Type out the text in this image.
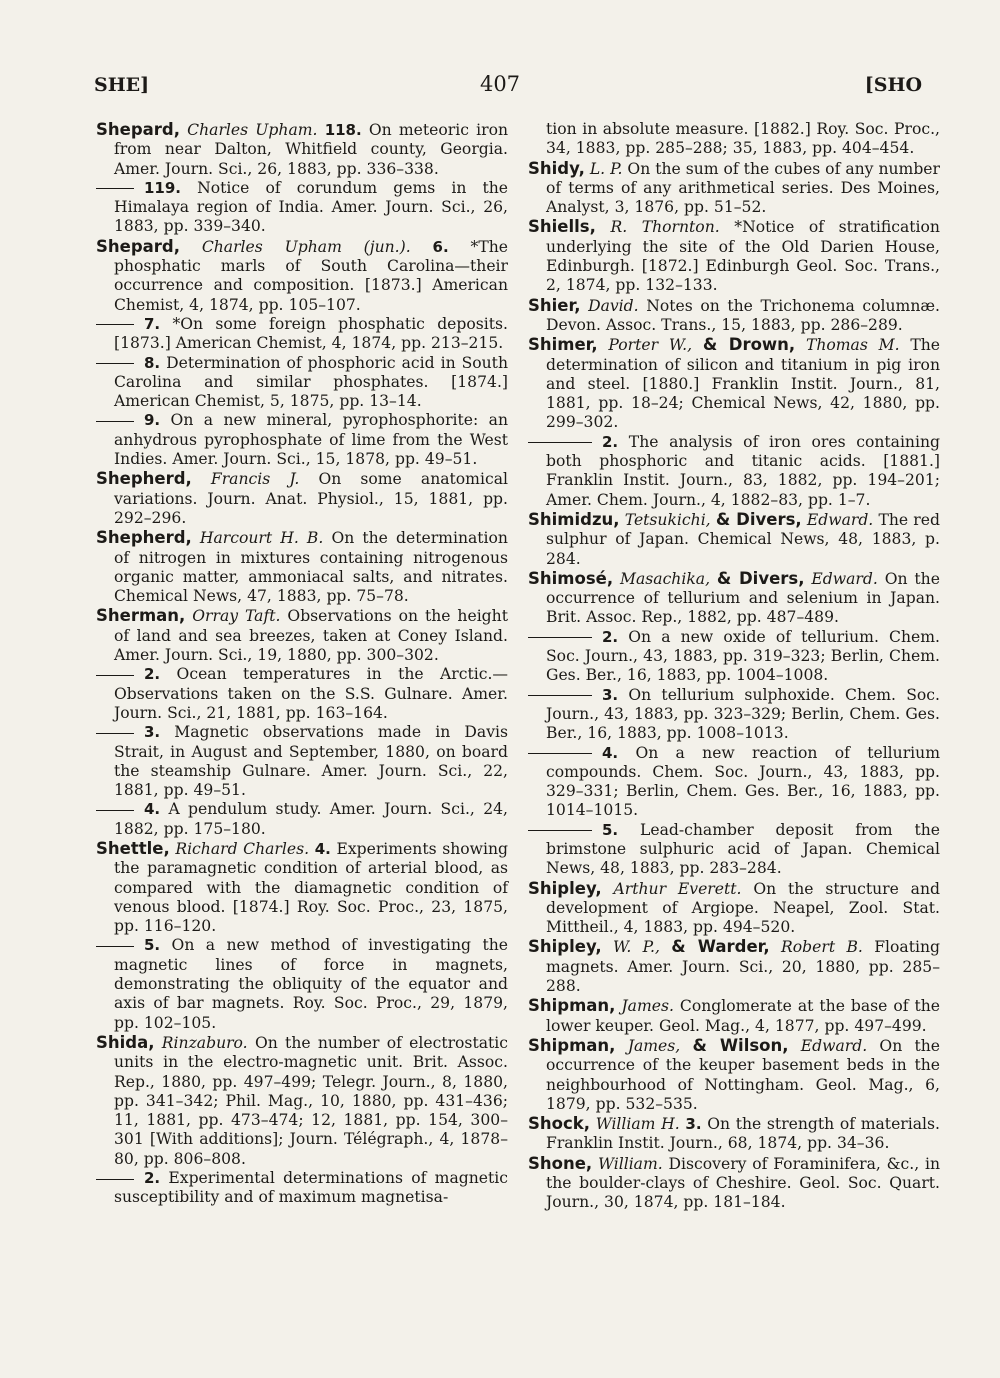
407
SHE]	[SHO

Shepard, Charles Upham. 118. On meteoric iron from near Dalton, Whitfield county, Georgia. Amer. Journ. Sci., 26, 1883, pp. 336–338.

119. Notice of corundum gems in the Himalaya region of India. Amer. Journ. Sci., 26, 1883, pp. 339–340.

Shepard, Charles Upham (jun.). 6. *The phosphatic marls of South Carolina—their occurrence and composition. [1873.] American Chemist, 4, 1874, pp. 105–107.

7. *On some foreign phosphatic deposits. [1873.] American Chemist, 4, 1874, pp. 213–215.

8. Determination of phosphoric acid in South Carolina and similar phosphates. [1874.] American Chemist, 5, 1875, pp. 13–14.

9. On a new mineral, pyrophosphorite: an anhydrous pyrophosphate of lime from the West Indies. Amer. Journ. Sci., 15, 1878, pp. 49–51.

Shepherd, Francis J. On some anatomical variations. Journ. Anat. Physiol., 15, 1881, pp. 292–296.

Shepherd, Harcourt H. B. On the determination of nitrogen in mixtures containing nitrogenous organic matter, ammoniacal salts, and nitrates. Chemical News, 47, 1883, pp. 75–78.

Sherman, Orray Taft. Observations on the height of land and sea breezes, taken at Coney Island. Amer. Journ. Sci., 19, 1880, pp. 300–302.

2. Ocean temperatures in the Arctic.—Observations taken on the S.S. Gulnare. Amer. Journ. Sci., 21, 1881, pp. 163–164.

3. Magnetic observations made in Davis Strait, in August and September, 1880, on board the steamship Gulnare. Amer. Journ. Sci., 22, 1881, pp. 49–51.

4. A pendulum study. Amer. Journ. Sci., 24, 1882, pp. 175–180.

Shettle, Richard Charles. 4. Experiments showing the paramagnetic condition of arterial blood, as compared with the diamagnetic condition of venous blood. [1874.] Roy. Soc. Proc., 23, 1875, pp. 116–120.

5. On a new method of investigating the magnetic lines of force in magnets, demonstrating the obliquity of the equator and axis of bar magnets. Roy. Soc. Proc., 29, 1879, pp. 102–105.

Shida, Rinzaburo. On the number of electrostatic units in the electro-magnetic unit. Brit. Assoc. Rep., 1880, pp. 497–499; Telegr. Journ., 8, 1880, pp. 341–342; Phil. Mag., 10, 1880, pp. 431–436; 11, 1881, pp. 473–474; 12, 1881, pp. 154, 300–301 [With additions]; Journ. Télégraph., 4, 1878–80, pp. 806–808.

2. Experimental determinations of magnetic susceptibility and of maximum magnetisa-

tion in absolute measure. [1882.] Roy. Soc. Proc., 34, 1883, pp. 285–288; 35, 1883, pp. 404–454.

Shidy, L. P. On the sum of the cubes of any number of terms of any arithmetical series. Des Moines, Analyst, 3, 1876, pp. 51–52.

Shiells, R. Thornton. *Notice of stratification underlying the site of the Old Darien House, Edinburgh. [1872.] Edinburgh Geol. Soc. Trans., 2, 1874, pp. 132–133.

Shier, David. Notes on the Trichonema columnæ. Devon. Assoc. Trans., 15, 1883, pp. 286–289.

Shimer, Porter W., & Drown, Thomas M. The determination of silicon and titanium in pig iron and steel. [1880.] Franklin Instit. Journ., 81, 1881, pp. 18–24; Chemical News, 42, 1880, pp. 299–302.

2. The analysis of iron ores containing both phosphoric and titanic acids. [1881.] Franklin Instit. Journ., 83, 1882, pp. 194–201; Amer. Chem. Journ., 4, 1882–83, pp. 1–7.

Shimidzu, Tetsukichi, & Divers, Edward. The red sulphur of Japan. Chemical News, 48, 1883, p. 284.

Shimosé, Masachika, & Divers, Edward. On the occurrence of tellurium and selenium in Japan. Brit. Assoc. Rep., 1882, pp. 487–489.

2. On a new oxide of tellurium. Chem. Soc. Journ., 43, 1883, pp. 319–323; Berlin, Chem. Ges. Ber., 16, 1883, pp. 1004–1008.

3. On tellurium sulphoxide. Chem. Soc. Journ., 43, 1883, pp. 323–329; Berlin, Chem. Ges. Ber., 16, 1883, pp. 1008–1013.

4. On a new reaction of tellurium compounds. Chem. Soc. Journ., 43, 1883, pp. 329–331; Berlin, Chem. Ges. Ber., 16, 1883, pp. 1014–1015.

5. Lead-chamber deposit from the brimstone sulphuric acid of Japan. Chemical News, 48, 1883, pp. 283–284.

Shipley, Arthur Everett. On the structure and development of Argiope. Neapel, Zool. Stat. Mittheil., 4, 1883, pp. 494–520.

Shipley, W. P., & Warder, Robert B. Floating magnets. Amer. Journ. Sci., 20, 1880, pp. 285–288.

Shipman, James. Conglomerate at the base of the lower keuper. Geol. Mag., 4, 1877, pp. 497–499.

Shipman, James, & Wilson, Edward. On the occurrence of the keuper basement beds in the neighbourhood of Nottingham. Geol. Mag., 6, 1879, pp. 532–535.

Shock, William H. 3. On the strength of materials. Franklin Instit. Journ., 68, 1874, pp. 34–36.

Shone, William. Discovery of Foraminifera, &c., in the boulder-clays of Cheshire. Geol. Soc. Quart. Journ., 30, 1874, pp. 181–184.
